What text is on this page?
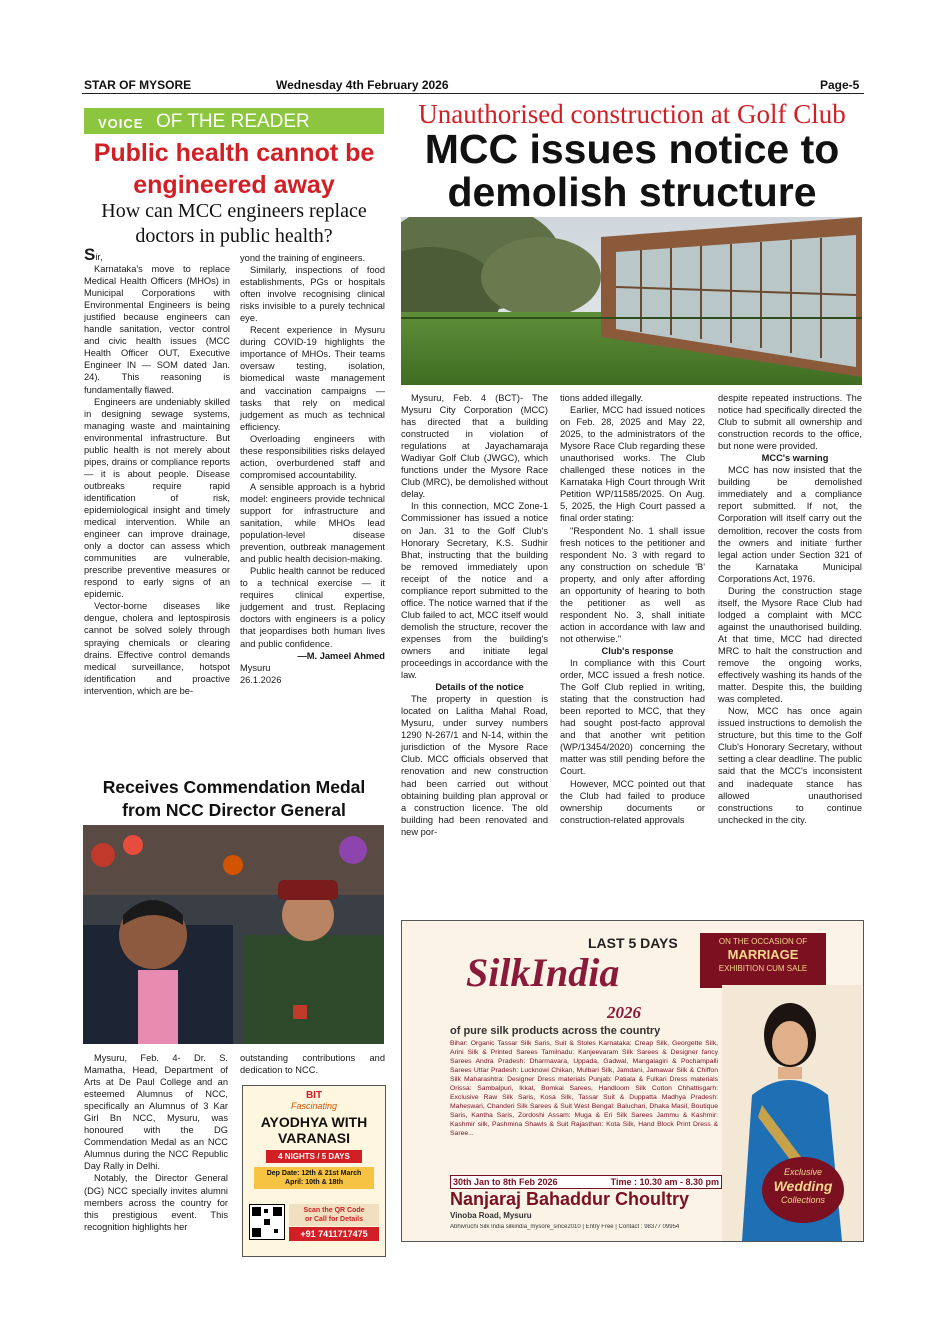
STAR OF MYSORE	Wednesday 4th February 2026	Page-5
VOICE OF THE READER
Public health cannot be
engineered away
How can MCC engineers replace
doctors in public health?

Sir,

Karnataka's move to replace Medical Health Officers (MHOs) in Municipal Corporations with Environmental Engineers is being justified because engineers can handle sanitation, vector control and civic health issues (MCC Health Officer OUT, Executive Engineer IN — SOM dated Jan. 24). This reasoning is fundamentally flawed.

Engineers are undeniably skilled in designing sewage systems, managing waste and maintaining environmental infrastructure. But public health is not merely about pipes, drains or compliance reports — it is about people. Disease outbreaks require rapid identification of risk, epidemiological insight and timely medical intervention. While an engineer can improve drainage, only a doctor can assess which communities are vulnerable, prescribe preventive measures or respond to early signs of an epidemic.

Vector-borne diseases like dengue, cholera and leptospirosis cannot be solved solely through spraying chemicals or clearing drains. Effective control demands medical surveillance, hotspot identification and proactive intervention, which are be-

yond the training of engineers.

Similarly, inspections of food establishments, PGs or hospitals often involve recognising clinical risks invisible to a purely technical eye.

Recent experience in Mysuru during COVID-19 highlights the importance of MHOs. Their teams oversaw testing, isolation, biomedical waste management and vaccination campaigns — tasks that rely on medical judgement as much as technical efficiency.

Overloading engineers with these responsibilities risks delayed action, overburdened staff and compromised accountability.

A sensible approach is a hybrid model: engineers provide technical support for infrastructure and sanitation, while MHOs lead population-level disease prevention, outbreak management and public health decision-making.

Public health cannot be reduced to a technical exercise — it requires clinical expertise, judgement and trust. Replacing doctors with engineers is a policy that jeopardises both human lives and public confidence.

—M. Jameel Ahmed

Mysuru

26.1.2026

Unauthorised construction at Golf Club
MCC issues notice to
demolish structure

Mysuru, Feb. 4 (BCT)- The Mysuru City Corporation (MCC) has directed that a building constructed in violation of regulations at Jayachamaraja Wadiyar Golf Club (JWGC), which functions under the Mysore Race Club (MRC), be demolished without delay.

In this connection, MCC Zone-1 Commissioner has issued a notice on Jan. 31 to the Golf Club's Honorary Secretary, K.S. Sudhir Bhat, instructing that the building be removed immediately upon receipt of the notice and a compliance report submitted to the office. The notice warned that if the Club failed to act, MCC itself would demolish the structure, recover the expenses from the building's owners and initiate legal proceedings in accordance with the law.

Details of the notice

The property in question is located on Lalitha Mahal Road, Mysuru, under survey numbers 1290 N-267/1 and N-14, within the jurisdiction of the Mysore Race Club. MCC officials observed that renovation and new construction had been carried out without obtaining building plan approval or a construction licence. The old building had been renovated and new por-

tions added illegally.

Earlier, MCC had issued notices on Feb. 28, 2025 and May 22, 2025, to the administrators of the Mysore Race Club regarding these unauthorised works. The Club challenged these notices in the Karnataka High Court through Writ Petition WP/11585/2025. On Aug. 5, 2025, the High Court passed a final order stating:

"Respondent No. 1 shall issue fresh notices to the petitioner and respondent No. 3 with regard to any construction on schedule 'B' property, and only after affording an opportunity of hearing to both the petitioner as well as respondent No. 3, shall initiate action in accordance with law and not otherwise."

Club's response

In compliance with this Court order, MCC issued a fresh notice. The Golf Club replied in writing, stating that the construction had been reported to MCC, that they had sought post-facto approval and that another writ petition (WP/13454/2020) concerning the matter was still pending before the Court.

However, MCC pointed out that the Club had failed to produce ownership documents or construction-related approvals

despite repeated instructions. The notice had specifically directed the Club to submit all ownership and construction records to the office, but none were provided.

MCC's warning

MCC has now insisted that the building be demolished immediately and a compliance report submitted. If not, the Corporation will itself carry out the demolition, recover the costs from the owners and initiate further legal action under Section 321 of the Karnataka Municipal Corporations Act, 1976.

During the construction stage itself, the Mysore Race Club had lodged a complaint with MCC against the unauthorised building. At that time, MCC had directed MRC to halt the construction and remove the ongoing works, effectively washing its hands of the matter. Despite this, the building was completed.

Now, MCC has once again issued instructions to demolish the structure, but this time to the Golf Club's Honorary Secretary, without setting a clear deadline. The public said that the MCC's inconsistent and inadequate stance has allowed unauthorised constructions to continue unchecked in the city.

Receives Commendation Medal
from NCC Director General

Mysuru, Feb. 4- Dr. S. Mamatha, Head, Department of Arts at De Paul College and an esteemed Alumnus of NCC, specifically an Alumnus of 3 Kar Girl Bn NCC, Mysuru, was honoured with the DG Commendation Medal as an NCC Alumnus during the NCC Republic Day Rally in Delhi.

Notably, the Director General (DG) NCC specially invites alumni members across the country for this prestigious event. This recognition highlights her

outstanding contributions and dedication to NCC.

BIT
Fascinating
AYODHYA WITH
VARANASI
4 NIGHTS / 5 DAYS
Dep Date: 12th & 21st March
April: 10th & 18th
Scan the QR Code
or Call for Details
+91 7411717475
LAST 5 DAYS	ON THE OCCASION OF
MARRIAGE
EXHIBITION CUM SALE
SilkIndia
2026
of pure silk products across the country
Bihar: Organic Tassar Silk Saris, Suit & Stoles Karnataka: Creap Silk, Georgette Silk, Arini Silk & Printed Sarees Tamilnadu: Kanjeevaram Silk Sarees & Designer fancy Sarees Andra Pradesh: Dharmavara, Uppada, Gadwal, Mangalagiri & Pochampalli Sarees Uttar Pradesh: Lucknowi Chikan, Mulbari Silk, Jamdani, Jamawar Silk & Chiffon Silk Maharashtra: Designer Dress materials Punjab: Patiala & Fulkari Dress materials Orissa: Sambalpuri, Ikkat, Bomkai Sarees, Handloom Silk Cotton Chhattisgarh: Exclusive Raw Silk Saris, Kosa Silk, Tassar Suit & Duppatta Madhya Pradesh: Maheswari, Chanderi Silk Sarees & Suit West Bengal: Baluchari, Dhaka Masil, Boutique Saris, Kantha Saris, Zordoshi Assam: Muga & Eri Silk Sarees Jammu & Kashmir: Kashmir silk, Pashmina Shawls & Suit Rajasthan: Kota Silk, Hand Block Print Dress & Saree...
30th Jan to 8th Feb 2026	Time : 10.30 am - 8.30 pm
Nanjaraj Bahaddur Choultry
Vinoba Road, Mysuru
Abhivruchi Silk India silkindia_mysore_since2010 | Entry Free | Contact : 98377 09954
Exclusive
Wedding
Collections
